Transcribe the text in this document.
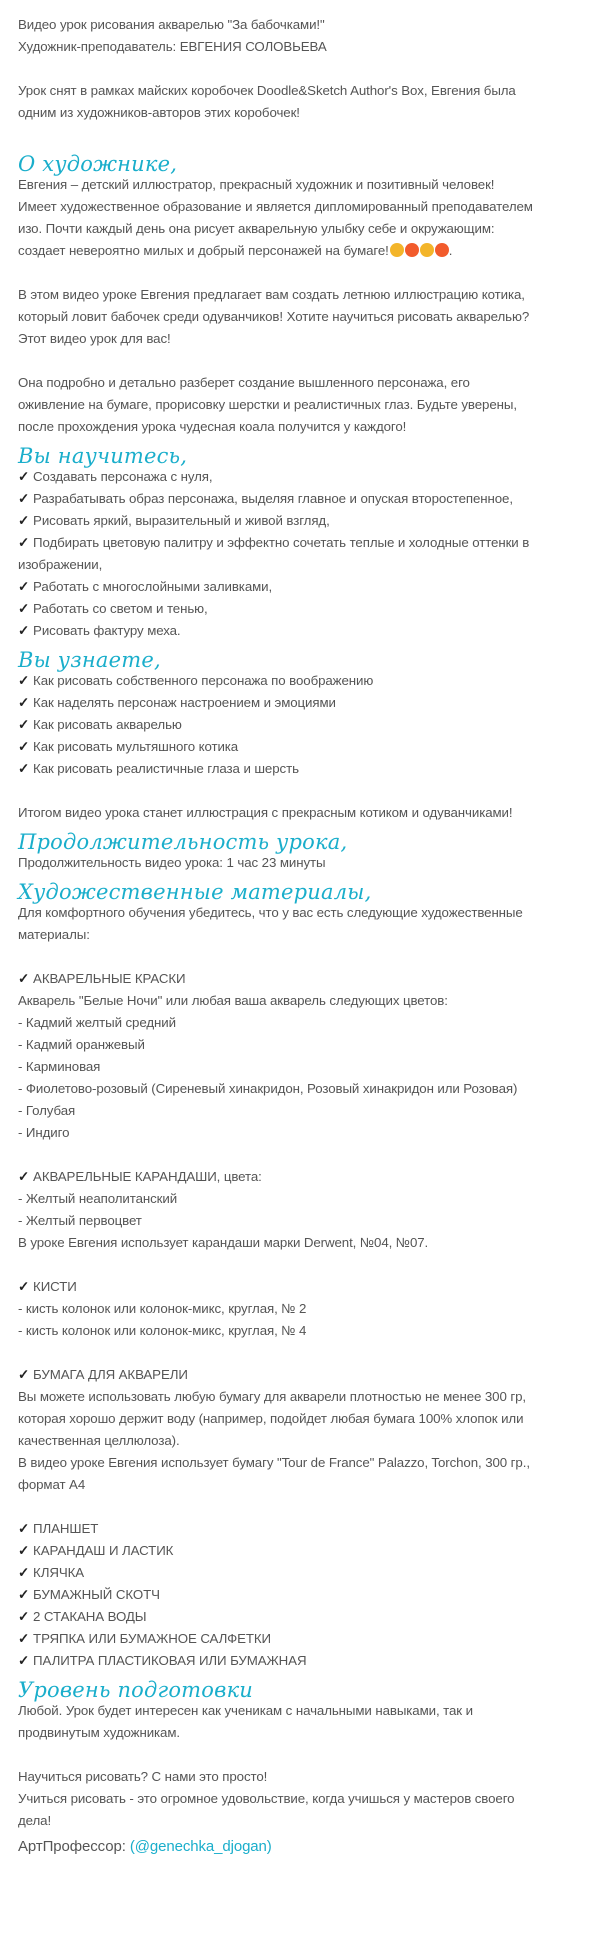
Видео урок рисования акварелью "За бабочками!"
Художник-преподаватель: ЕВГЕНИЯ СОЛОВЬЕВА
Урок снят в рамках майских коробочек Doodle&Sketch Author's Box, Евгения была
одним из художников-авторов этих коробочек!
О художнике,
Евгения – детский иллюстратор, прекрасный художник и позитивный человек!
Имеет художественное образование и является дипломированный преподавателем
изо. Почти каждый день она рисует акварельную улыбку себе и окружающим:
создает невероятно милых и добрый персонажей на бумаге!	.
В этом видео уроке Евгения предлагает вам создать летнюю иллюстрацию котика,
который ловит бабочек среди одуванчиков! Хотите научиться рисовать акварелью?
Этот видео урок для вас!
Она подробно и детально разберет создание вышленного персонажа, его
оживление на бумаге, прорисовку шерстки и реалистичных глаз. Будьте уверены,
после прохождения урока чудесная коала получится у каждого!
Вы научитесь,
✓ Создавать персонажа с нуля,
✓ Разрабатывать образ персонажа, выделяя главное и опуская второстепенное,
✓ Рисовать яркий, выразительный и живой взгляд,
✓ Подбирать цветовую палитру и эффектно сочетать теплые и холодные оттенки в
изображении,
✓ Работать с многослойными заливками,
✓ Работать со светом и тенью,
✓ Рисовать фактуру меха.
Вы узнаете,
✓ Как рисовать собственного персонажа по воображению
✓ Как наделять персонаж настроением и эмоциями
✓ Как рисовать акварелью
✓ Как рисовать мультяшного котика
✓ Как рисовать реалистичные глаза и шерсть
Итогом видео урока станет иллюстрация с прекрасным котиком и одуванчиками!
Продолжительность урока,
Продолжительность видео урока: 1 час 23 минуты
Художественные материалы,
Для комфортного обучения убедитесь, что у вас есть следующие художественные
материалы:
✓ АКВАРЕЛЬНЫЕ КРАСКИ
Акварель "Белые Ночи" или любая ваша акварель следующих цветов:
- Кадмий желтый средний
- Кадмий оранжевый
- Карминовая
- Фиолетово-розовый (Сиреневый хинакридон, Розовый хинакридон или Розовая)
- Голубая
- Индиго
✓ АКВАРЕЛЬНЫЕ КАРАНДАШИ, цвета:
- Желтый неаполитанский
- Желтый первоцвет
В уроке Евгения использует карандаши марки Derwent, №04, №07.
✓ КИСТИ
- кисть колонок или колонок-микс, круглая, № 2
- кисть колонок или колонок-микс, круглая, № 4
✓ БУМАГА ДЛЯ АКВАРЕЛИ
Вы можете использовать любую бумагу для акварели плотностью не менее 300 гр,
которая хорошо держит воду (например, подойдет любая бумага 100% хлопок или
качественная целлюлоза).
В видео уроке Евгения использует бумагу "Tour de France" Palazzo, Torchon, 300 гр.,
формат А4
✓ ПЛАНШЕТ
✓ КАРАНДАШ И ЛАСТИК
✓ КЛЯЧКА
✓ БУМАЖНЫЙ СКОТЧ
✓ 2 СТАКАНА ВОДЫ
✓ ТРЯПКА ИЛИ БУМАЖНОЕ САЛФЕТКИ
✓ ПАЛИТРА ПЛАСТИКОВАЯ ИЛИ БУМАЖНАЯ
Уровень подготовки
Любой. Урок будет интересен как ученикам с начальными навыками, так и
продвинутым художникам.
Научиться рисовать? С нами это просто!
Учиться рисовать - это огромное удовольствие, когда учишься у мастеров своего
дела!
АртПрофессор: (@genechka_djogan)
